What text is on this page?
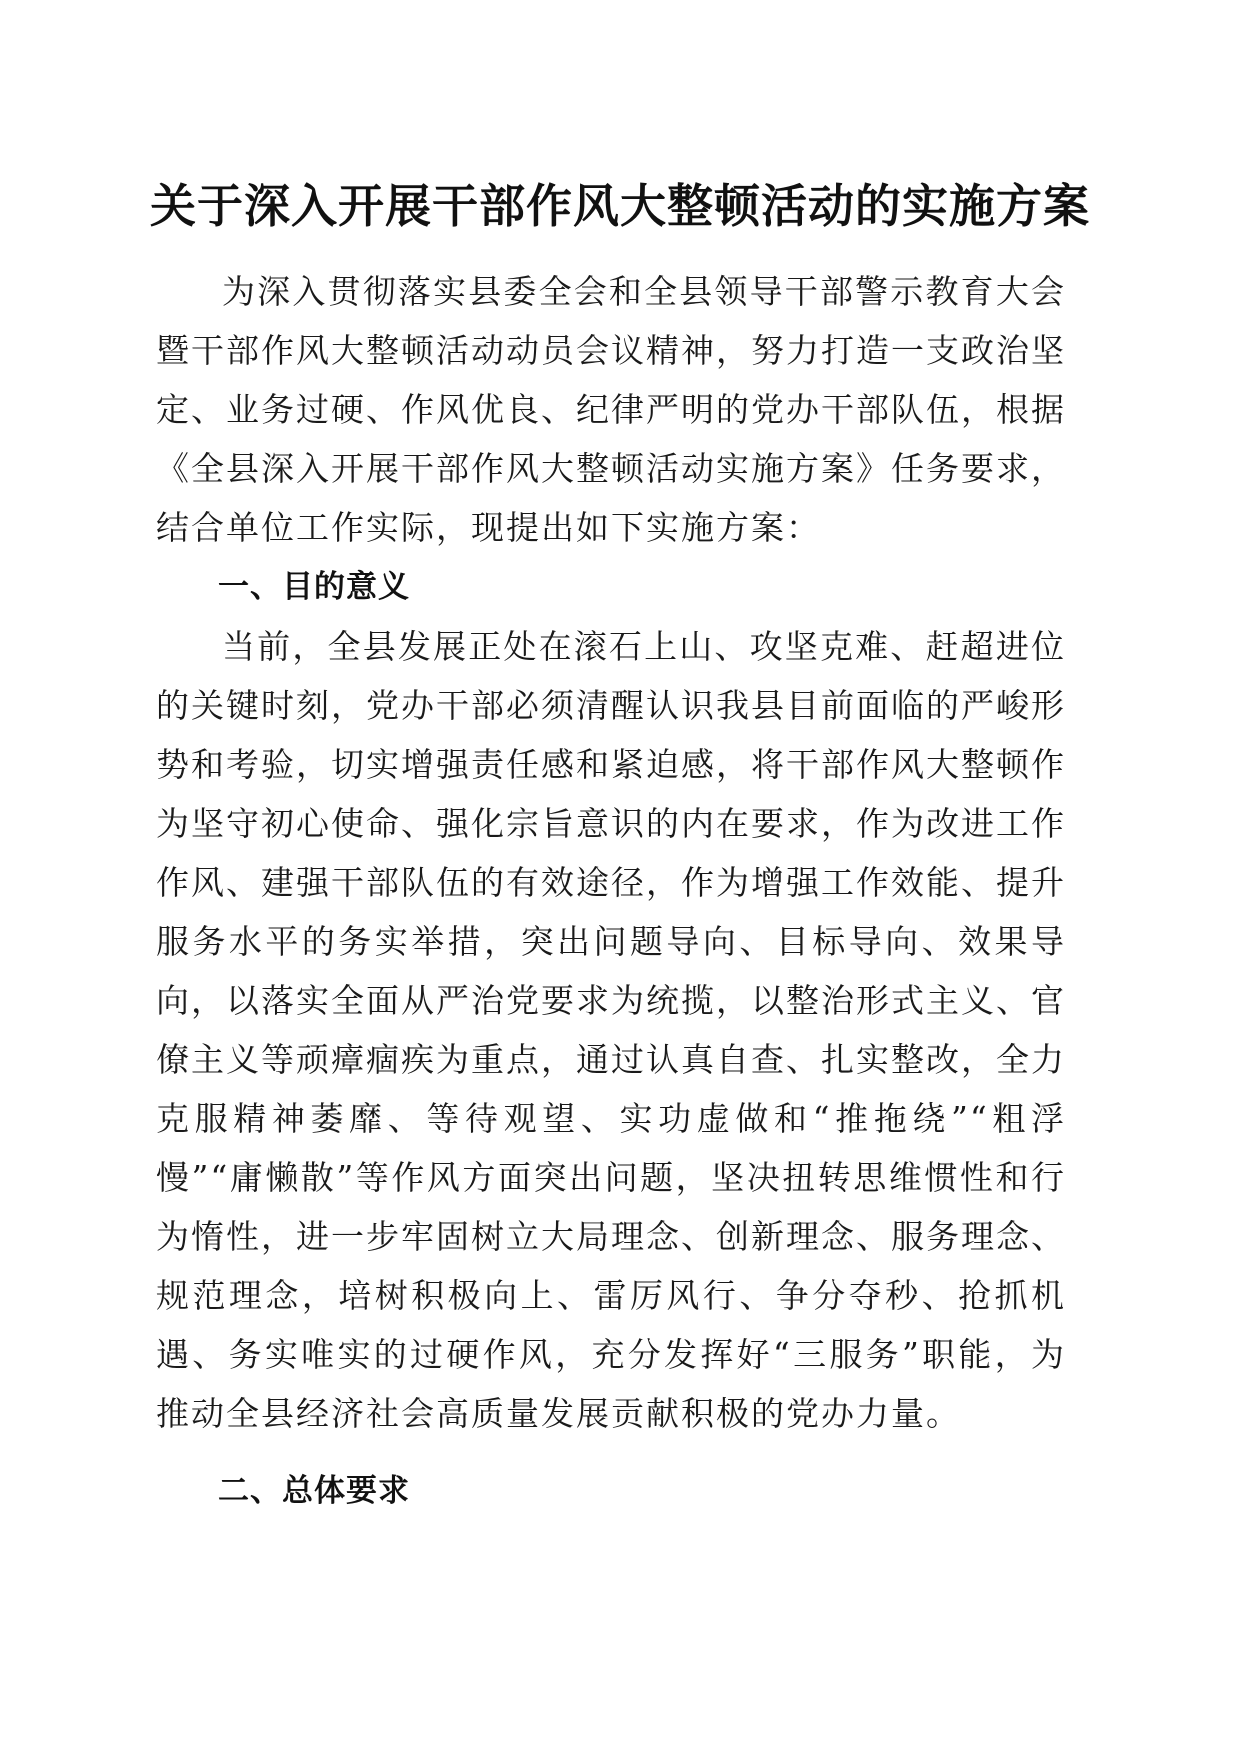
关于深入开展干部作风大整顿活动的实施方案

为深入贯彻落实县委全会和全县领导干部警示教育大会暨干部作风大整顿活动动员会议精神，努力打造一支政治坚定、业务过硬、作风优良、纪律严明的党办干部队伍，根据《全县深入开展干部作风大整顿活动实施方案》任务要求，结合单位工作实际，现提出如下实施方案：

一、目的意义

当前，全县发展正处在滚石上山、攻坚克难、赶超进位的关键时刻，党办干部必须清醒认识我县目前面临的严峻形势和考验，切实增强责任感和紧迫感，将干部作风大整顿作为坚守初心使命、强化宗旨意识的内在要求，作为改进工作作风、建强干部队伍的有效途径，作为增强工作效能、提升服务水平的务实举措，突出问题导向、目标导向、效果导向，以落实全面从严治党要求为统揽，以整治形式主义、官僚主义等顽瘴痼疾为重点，通过认真自查、扎实整改，全力克服精神萎靡、等待观望、实功虚做和“推拖绕”“粗浮慢”“庸懒散”等作风方面突出问题，坚决扭转思维惯性和行为惰性，进一步牢固树立大局理念、创新理念、服务理念、规范理念，培树积极向上、雷厉风行、争分夺秒、抢抓机遇、务实唯实的过硬作风，充分发挥好“三服务”职能，为推动全县经济社会高质量发展贡献积极的党办力量。

二、总体要求
